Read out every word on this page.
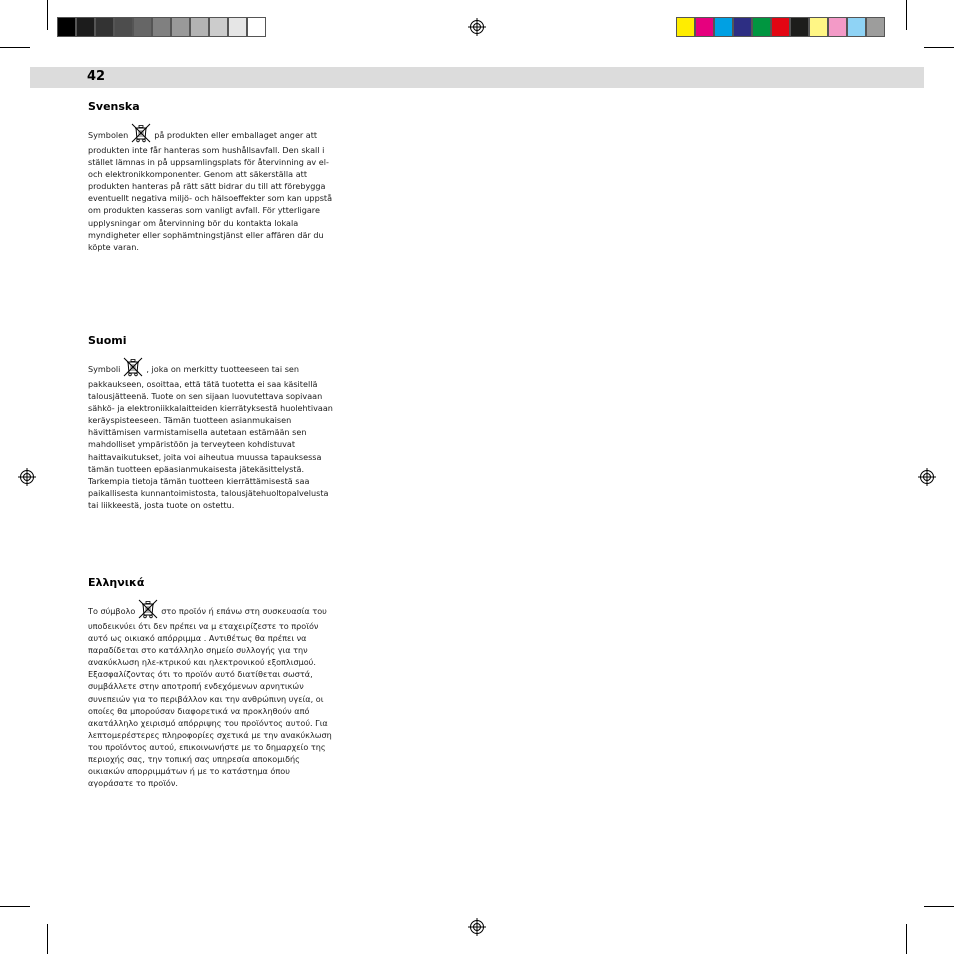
42
Svenska
Symbolen	på produkten eller emballaget anger att produkten inte får hanteras som hushållsavfall. Den skall i stället lämnas in på uppsamlingsplats för återvinning av el- och elektronikkomponenter. Genom att säkerställa att produkten hanteras på rätt sätt bidrar du till att förebygga eventuellt negativa miljö- och hälsoeffekter som kan uppstå om produkten kasseras som vanligt avfall. För ytterligare upplysningar om återvinning bör du kontakta lokala myndigheter eller sophämtningstjänst eller affären där du köpte varan.
Suomi
Symboli	, joka on merkitty tuotteeseen tai sen pakkaukseen, osoittaa, että tätä tuotetta ei saa käsitellä talousjätteenä. Tuote on sen sijaan luovutettava sopivaan sähkö- ja elektroniikkalaitteiden kierrätyksestä huolehtivaan keräyspisteeseen. Tämän tuotteen asianmukaisen hävittämisen varmistamisella autetaan estämään sen mahdolliset ympäristöön ja terveyteen kohdistuvat haittavaikutukset, joita voi aiheutua muussa tapauksessa tämän tuotteen epäasianmukaisesta jätekäsittelystä. Tarkempia tietoja tämän tuotteen kierrättämisestä saa paikallisesta kunnantoimistosta, talousjätehuoltopalvelusta tai liikkeestä, josta tuote on ostettu.
Ελληνικά
Το σύμβολο	στο προϊόν ή επάνω στη συσκευασία του υποδεικνύει ότι δεν πρέπει να μ εταχειρίζεστε το προϊόν αυτό ως οικιακό απόρριμμα . Αντιθέτως θα πρέπει να παραδίδεται στο κατάλληλο σημείο συλλογής για την ανακύκλωση ηλε-κτρικού και ηλεκτρονικού εξοπλισμού. Εξασφαλίζοντας ότι το προϊόν αυτό διατίθεται σωστά, συμβάλλετε στην αποτροπή ενδεχόμενων αρνητικών συνεπειών για το περιβάλλον και την ανθρώπινη υγεία, οι οποίες θα μπορούσαν διαφορετικά να προκληθούν από ακατάλληλο χειρισμό απόρριψης του προϊόντος αυτού. Για λεπτομερέστερες πληροφορίες σχετικά με την ανακύκλωση του προϊόντος αυτού, επικοινωνήστε με το δημαρχείο της περιοχής σας, την τοπική σας υπηρεσία αποκομιδής οικιακών απορριμμάτων ή με το κατάστημα όπου αγοράσατε το προϊόν.
